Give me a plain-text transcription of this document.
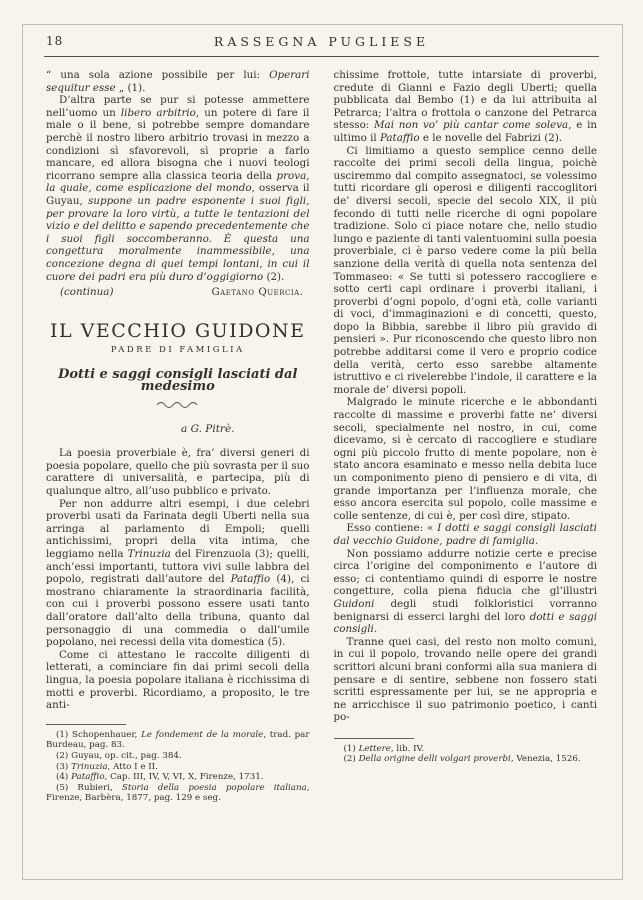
18	RASSEGNA PUGLIESE

“ una sola azione possibile per lui: Operari sequitur esse „ (1).

D’altra parte se pur si potesse ammettere nell’uomo un libero arbitrio, un potere di fare il male o il bene, si potrebbe sempre domandare perchè il nostro libero arbitrio trovasi in mezzo a condizioni sì sfavorevoli, sì proprie a farlo mancare, ed allora bisogna che i nuovi teologi ricorrano sempre alla classica teoria della prova, la quale, come esplicazione del mondo, osserva il Guyau, suppone un padre esponente i suoi figli, per provare la loro virtù, a tutte le tentazioni del vizio e del delitto e sapendo precedentemente che i suoi figli soccomberanno. È questa una congettura moralmente inammessibile, una concezione degna di quei tempi lontani, in cui il cuore dei padri era più duro d’oggigiorno (2).

(continua)	Gaetano Quercia.
IL VECCHIO GUIDONE
PADRE DI FAMIGLIA
Dotti e saggi consigli lasciati dal medesimo
a G. Pitrè.

La poesia proverbiale è, fra’ diversi generi di poesia popolare, quello che più sovrasta per il suo carattere di universalità, e partecipa, più di qualunque altro, all’uso pubblico e privato.

Per non addurre altri esempi, i due celebri proverbi usati da Farinata degli Uberti nella sua arringa al parlamento di Empoli; quelli antichissimi, propri della vita intima, che leggiamo nella Trinuzia del Firenzuola (3); quelli, anch’essi importanti, tuttora vivi sulle labbra del popolo, registrati dall’autore del Pataffio (4), ci mostrano chiaramente la straordinaria facilità, con cui i proverbi possono essere usati tanto dall’oratore dall’alto della tribuna, quanto dal personaggio di una commedia o dall’umile popolano, nei recessi della vita domestica (5).

Come ci attestano le raccolte diligenti di letterati, a cominciare fin dai primi secoli della lingua, la poesia popolare italiana è ricchissima di motti e proverbi. Ricordiamo, a proposito, le tre anti-

(1) Schopenhauer, Le fondement de la morale, trad. par Burdeau, pag. 83.

(2) Guyau, op. cit., pag. 384.

(3) Trinuzia, Atto I e II.

(4) Pataffio, Cap. III, IV, V, VI, X, Firenze, 1731.

(5) Rubieri, Storia della poesia popolare italiana, Firenze, Barbèra, 1877, pag. 129 e seg.

chissime frottole, tutte intarsiate di proverbi, credute di Gianni e Fazio degli Uberti; quella pubblicata dal Bembo (1) e da lui attribuita al Petrarca; l’altra o frottola o canzone del Petrarca stesso: Mai non vo’ più cantar come soleva, e in ultimo il Pataffio e le novelle del Fabrizi (2).

Ci limitiamo a questo semplice cenno delle raccolte dei primi secoli della lingua, poichè usciremmo dal compito assegnatoci, se volessimo tutti ricordare gli operosi e diligenti raccoglitori de’ diversi secoli, specie del secolo XIX, il più fecondo di tutti nelle ricerche di ogni popolare tradizione. Solo ci piace notare che, nello studio lungo e paziente di tanti valentuomini sulla poesia proverbiale, ci è parso vedere come la più bella sanzione della verità di quella nota sentenza del Tommaseo: « Se tutti si potessero raccogliere e sotto certi capi ordinare i proverbi italiani, i proverbi d’ogni popolo, d’ogni età, colle varianti di voci, d’immaginazioni e di concetti, questo, dopo la Bibbia, sarebbe il libro più gravido di pensieri ». Pur riconoscendo che questo libro non potrebbe additarsi come il vero e proprio codice della verità, certo esso sarebbe altamente istruttivo e ci rivelerebbe l’indole, il carattere e la morale de’ diversi popoli.

Malgrado le minute ricerche e le abbondanti raccolte di massime e proverbi fatte ne’ diversi secoli, specialmente nel nostro, in cui, come dicevamo, si è cercato di raccogliere e studiare ogni più piccolo frutto di mente popolare, non è stato ancora esaminato e messo nella debita luce un componimento pieno di pensiero e di vita, di grande importanza per l’influenza morale, che esso ancora esercita sul popolo, colle massime e colle sentenze, di cui è, per così dire, stipato.

Esso contiene: « I dotti e saggi consigli lasciati dal vecchio Guidone, padre di famiglia.

Non possiamo addurre notizie certe e precise circa l’origine del componimento e l’autore di esso; ci contentiamo quindi di esporre le nostre congetture, colla piena fiducia che gl’illustri Guidoni degli studi folkloristici vorranno benignarsi di esserci larghi del loro dotti e saggi consigli.

Tranne quei casi, del resto non molto comuni, in cui il popolo, trovando nelle opere dei grandi scrittori alcuni brani conformi alla sua maniera di pensare e di sentire, sebbene non fossero stati scritti espressamente per lui, se ne appropria e ne arricchisce il suo patrimonio poetico, i canti po-

(1) Lettere, lib. IV.

(2) Della origine delli volgari proverbi, Venezia, 1526.
